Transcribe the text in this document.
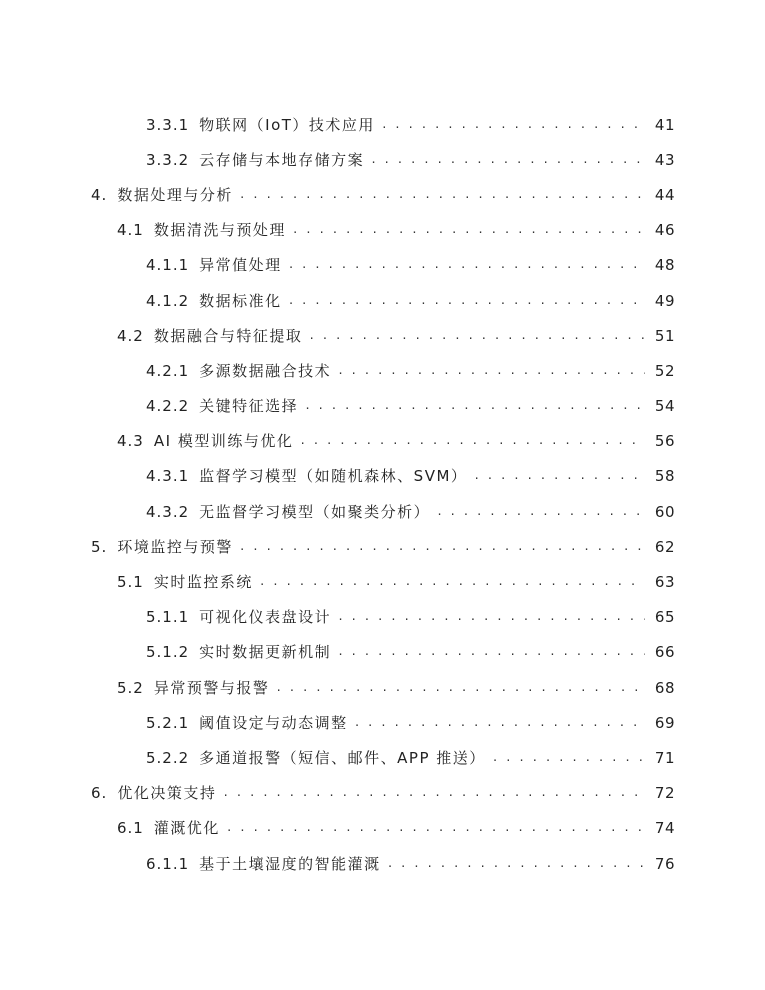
3.3.1 物联网（IoT）技术应用 . . .	41
3.3.2 云存储与本地存储方案 . . .	43
4. 数据处理与分析 . . .	44
4.1 数据清洗与预处理 . . .	46
4.1.1 异常值处理 . . .	48
4.1.2 数据标准化 . . .	49
4.2 数据融合与特征提取 . . .	51
4.2.1 多源数据融合技术 . . .	52
4.2.2 关键特征选择 . . .	54
4.3 AI 模型训练与优化 . . .	56
4.3.1 监督学习模型（如随机森林、SVM） . . .	58
4.3.2 无监督学习模型（如聚类分析） . . .	60
5. 环境监控与预警 . . .	62
5.1 实时监控系统 . . .	63
5.1.1 可视化仪表盘设计 . . .	65
5.1.2 实时数据更新机制 . . .	66
5.2 异常预警与报警 . . .	68
5.2.1 阈值设定与动态调整 . . .	69
5.2.2 多通道报警（短信、邮件、APP 推送） . . .	71
6. 优化决策支持 . . .	72
6.1 灌溉优化 . . .	74
6.1.1 基于土壤湿度的智能灌溉 . . .	76
